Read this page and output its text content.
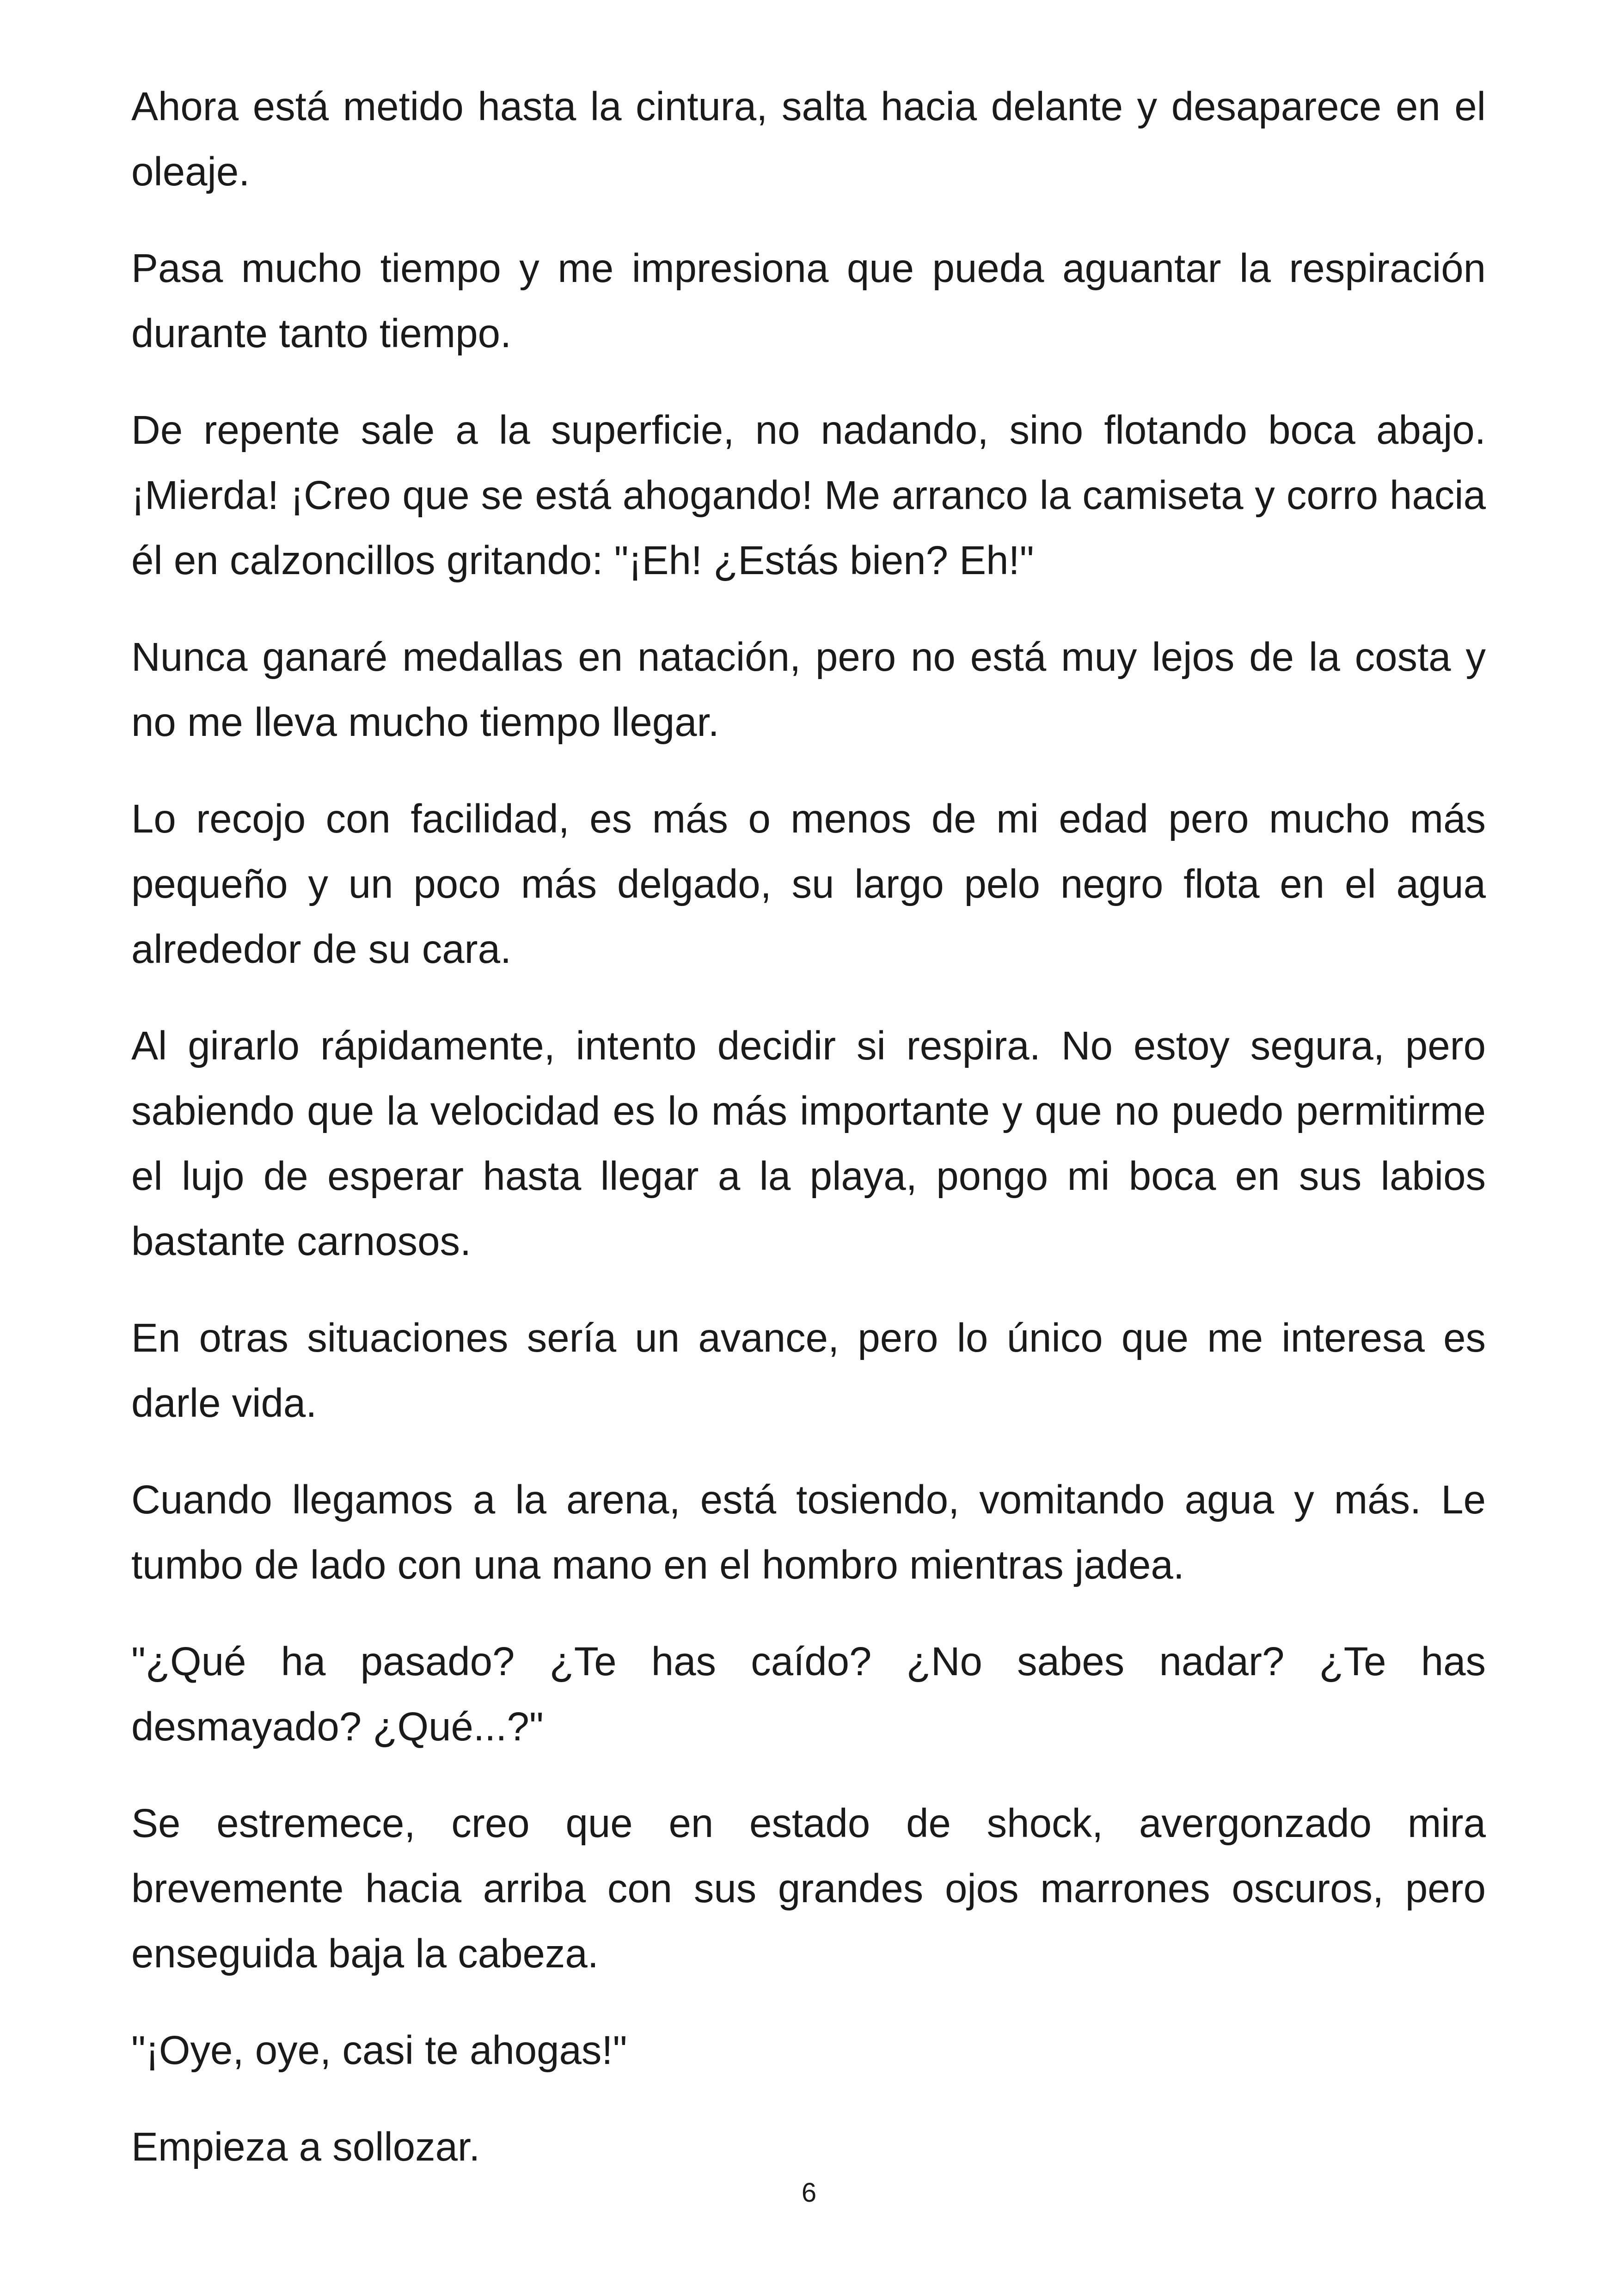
Ahora está metido hasta la cintura, salta hacia delante y desaparece en el oleaje.

Pasa mucho tiempo y me impresiona que pueda aguantar la respiración durante tanto tiempo.

De repente sale a la superficie, no nadando, sino flotando boca abajo. ¡Mierda! ¡Creo que se está ahogando! Me arranco la camiseta y corro hacia él en calzoncillos gritando: "¡Eh! ¿Estás bien? Eh!"

Nunca ganaré medallas en natación, pero no está muy lejos de la costa y no me lleva mucho tiempo llegar.

Lo recojo con facilidad, es más o menos de mi edad pero mucho más pequeño y un poco más delgado, su largo pelo negro flota en el agua alrededor de su cara.

Al girarlo rápidamente, intento decidir si respira. No estoy segura, pero sabiendo que la velocidad es lo más importante y que no puedo permitirme el lujo de esperar hasta llegar a la playa, pongo mi boca en sus labios bastante carnosos.

En otras situaciones sería un avance, pero lo único que me interesa es darle vida.

Cuando llegamos a la arena, está tosiendo, vomitando agua y más. Le tumbo de lado con una mano en el hombro mientras jadea.

"¿Qué ha pasado? ¿Te has caído? ¿No sabes nadar? ¿Te has desmayado? ¿Qué...?"

Se estremece, creo que en estado de shock, avergonzado mira brevemente hacia arriba con sus grandes ojos marrones oscuros, pero enseguida baja la cabeza.

"¡Oye, oye, casi te ahogas!"

Empieza a sollozar.

6
